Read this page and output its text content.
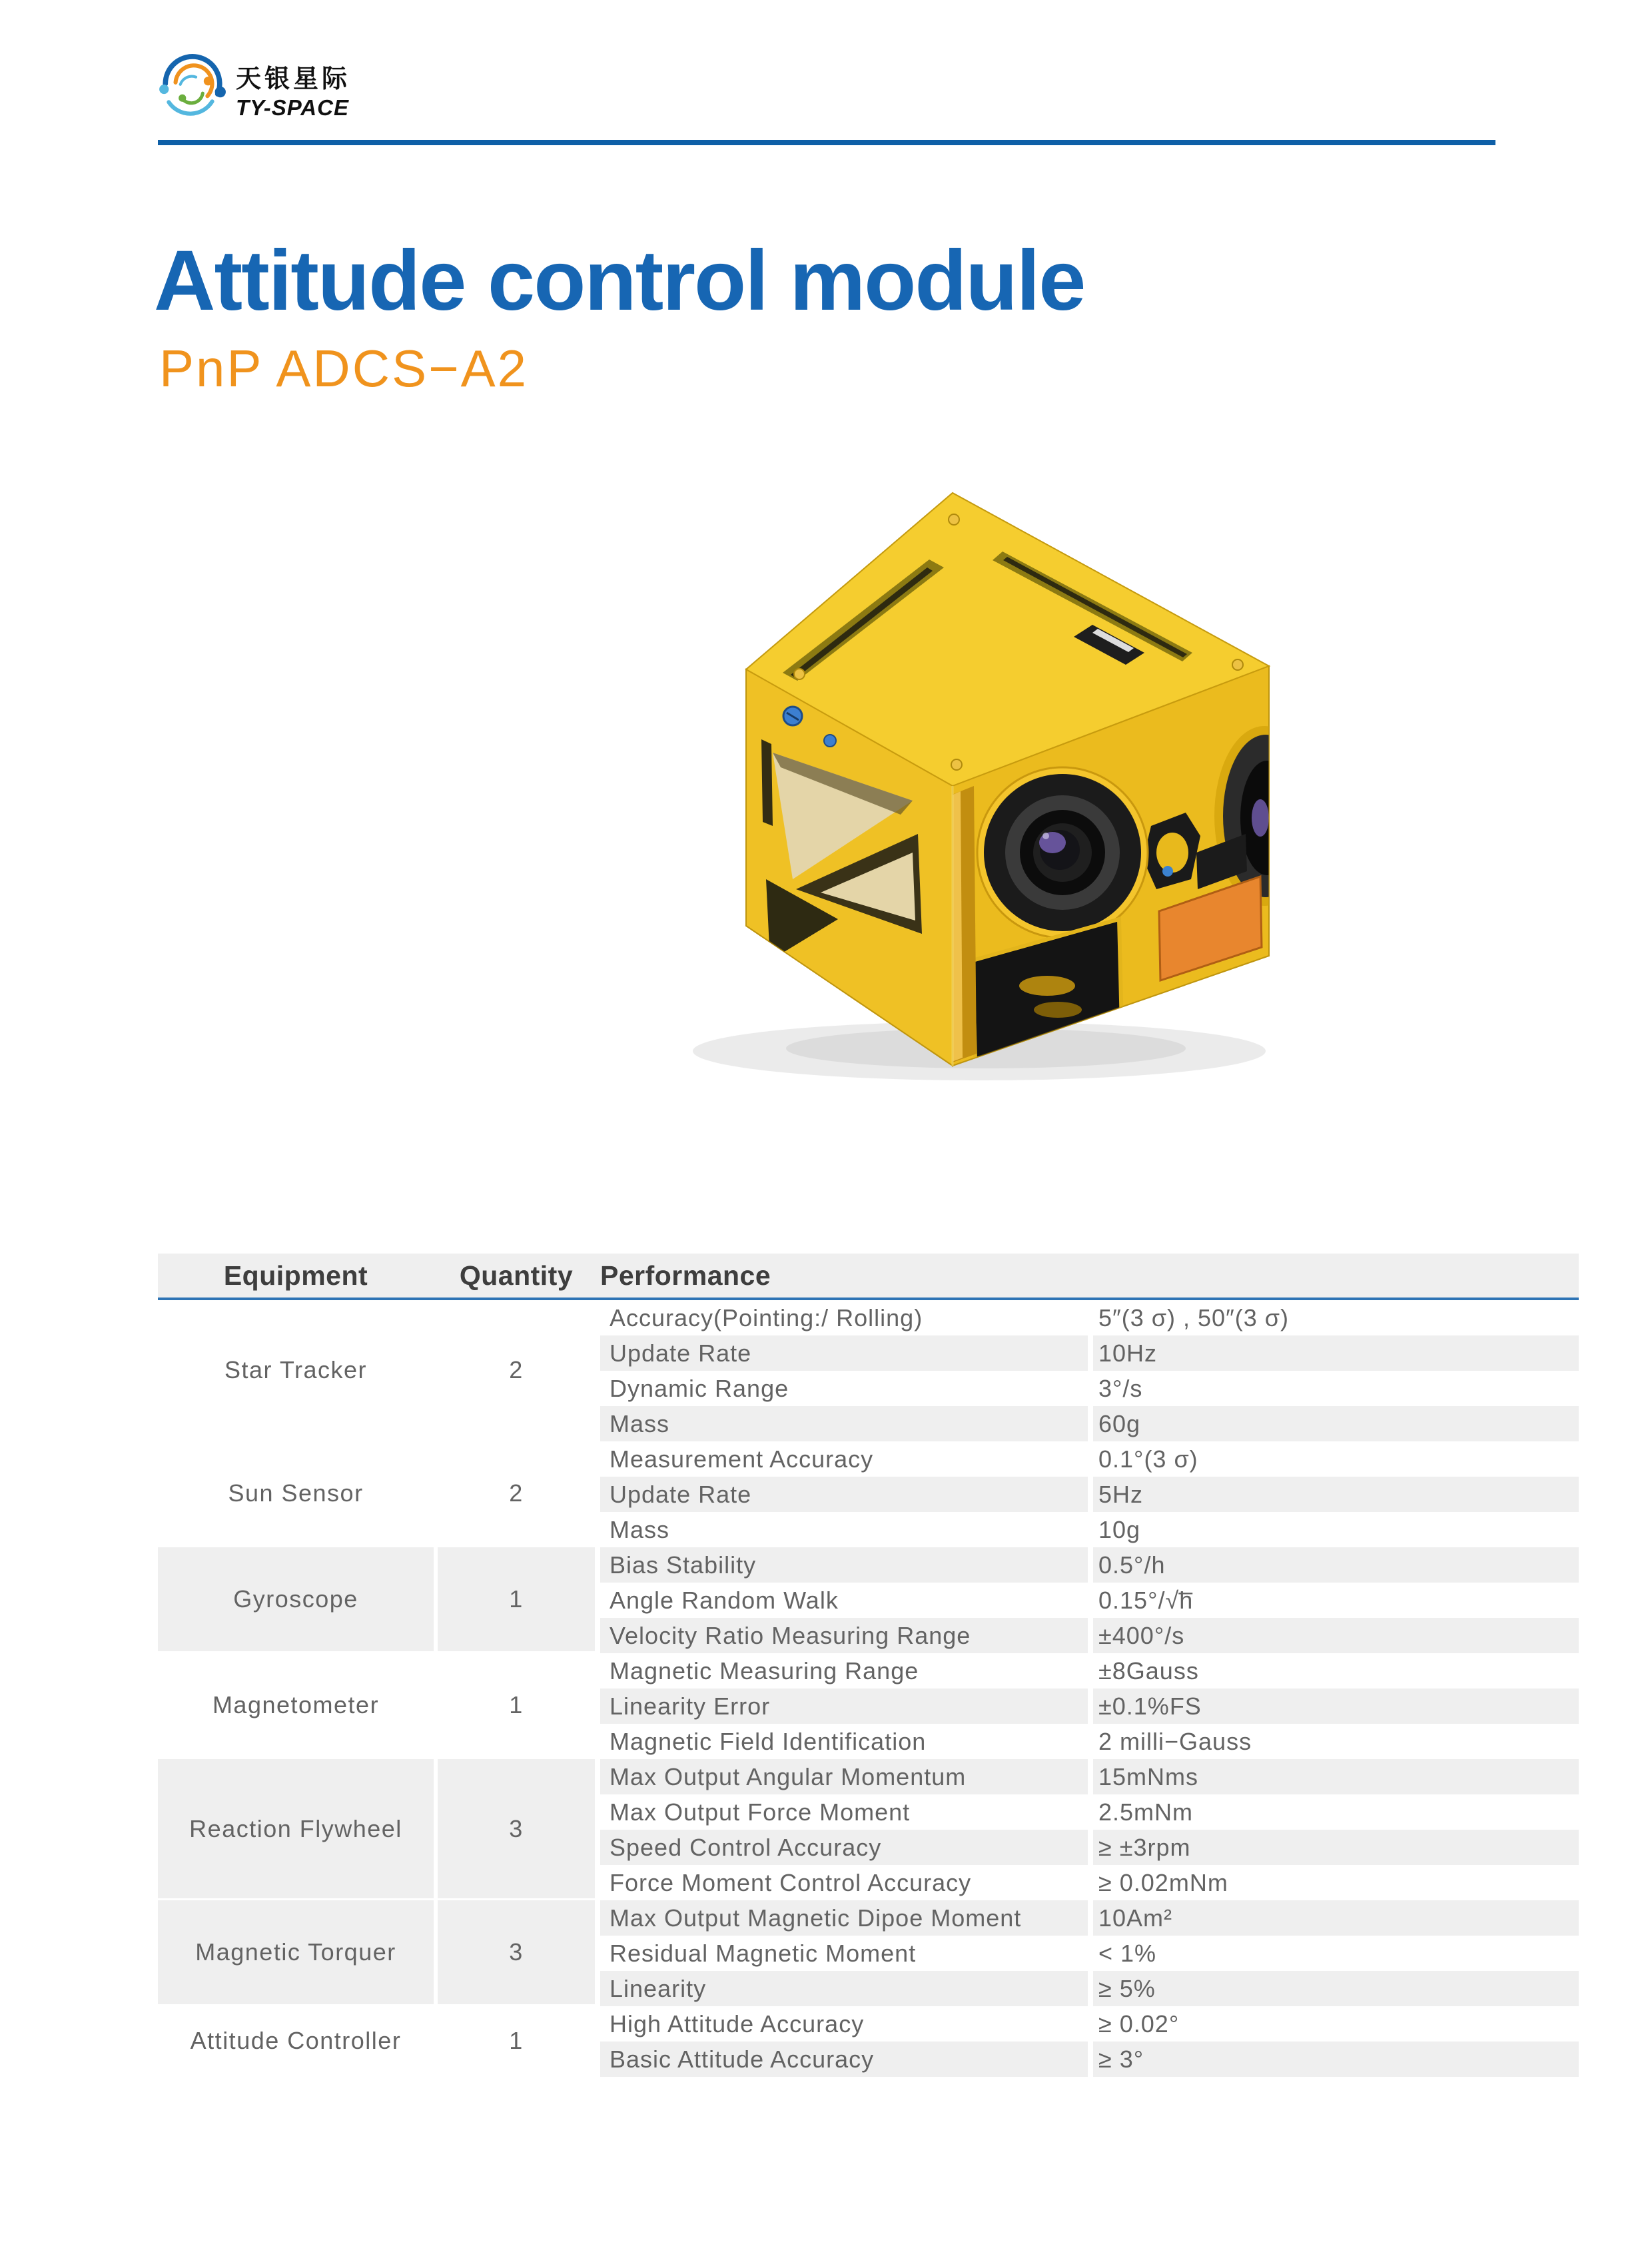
天银星际
TY-SPACE
Attitude control module
PnP ADCS−A2
Equipment	Quantity Performance
Accuracy(Pointing:/ Rolling)	5″(3 σ) , 50″(3 σ)
Update Rate	10Hz
Dynamic Range	3°/s
Mass	60g
Star Tracker	2
Measurement Accuracy	0.1°(3 σ)
Update Rate	5Hz
Mass	10g
Sun Sensor	2
Bias Stability	0.5°/h
Angle Random Walk	0.15°/√h̅
Velocity Ratio Measuring Range	±400°/s
Gyroscope	1
Magnetic Measuring Range	±8Gauss
Linearity Error	±0.1%FS
Magnetic Field Identification	2 milli−Gauss
Magnetometer	1
Max Output Angular Momentum	15mNms
Max Output Force Moment	2.5mNm
Speed Control Accuracy	≥ ±3rpm
Force Moment Control Accuracy	≥ 0.02mNm
Reaction Flywheel	3
Max Output Magnetic Dipoe Moment	10Am²
Residual Magnetic Moment	< 1%
Linearity	≥ 5%
Magnetic Torquer	3
High Attitude Accuracy	≥ 0.02°
Basic Attitude Accuracy	≥ 3°
Attitude Controller	1
